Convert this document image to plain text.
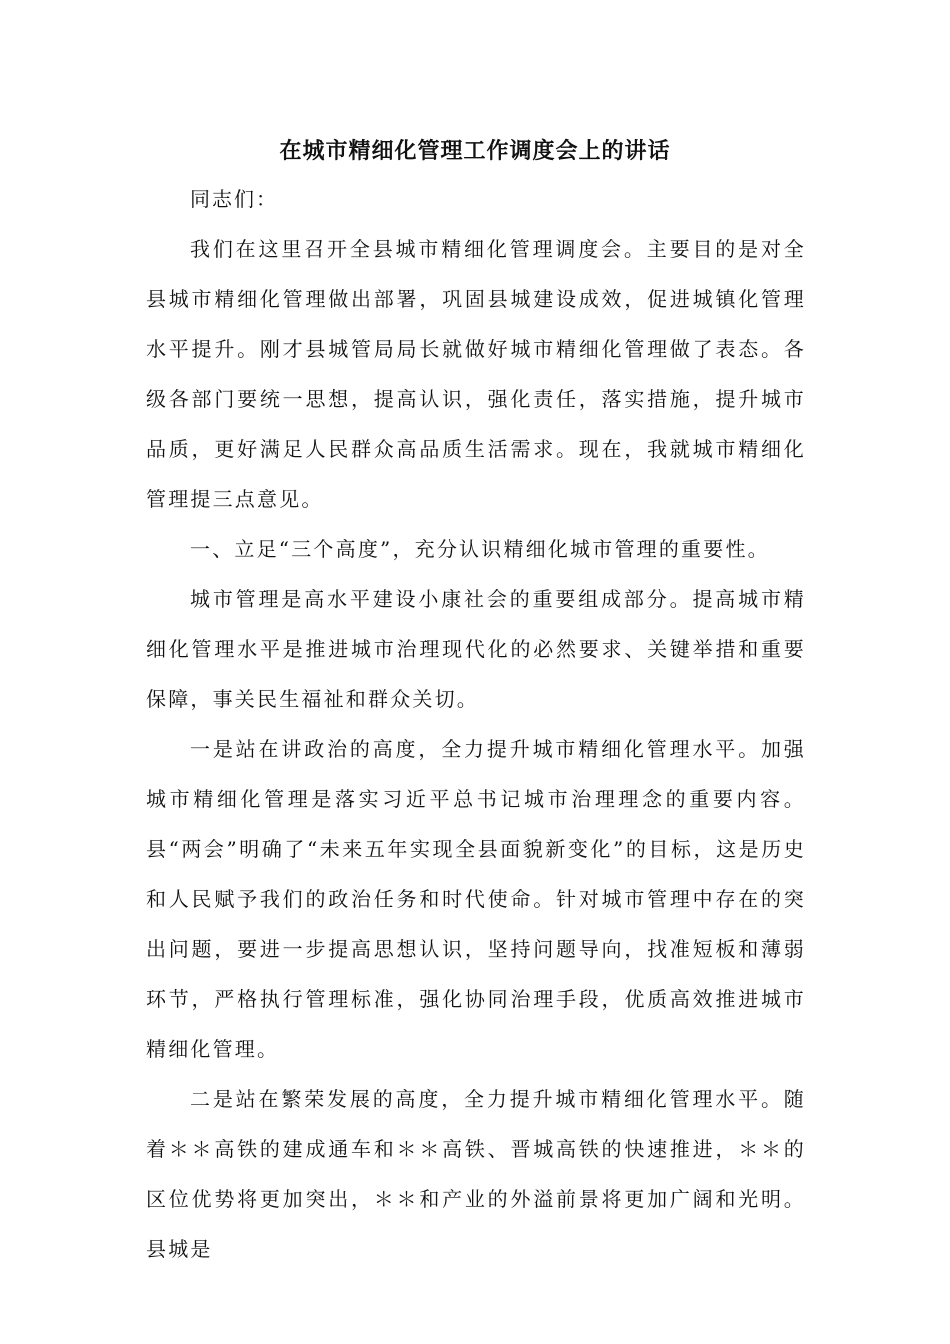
在城市精细化管理工作调度会上的讲话
同志们：

我们在这里召开全县城市精细化管理调度会。主要目的是对全县城市精细化管理做出部署，巩固县城建设成效，促进城镇化管理水平提升。刚才县城管局局长就做好城市精细化管理做了表态。各级各部门要统一思想，提高认识，强化责任，落实措施，提升城市品质，更好满足人民群众高品质生活需求。现在，我就城市精细化管理提三点意见。

一、立足“三个高度”，充分认识精细化城市管理的重要性。

城市管理是高水平建设小康社会的重要组成部分。提高城市精细化管理水平是推进城市治理现代化的必然要求、关键举措和重要保障，事关民生福祉和群众关切。

一是站在讲政治的高度，全力提升城市精细化管理水平。加强城市精细化管理是落实习近平总书记城市治理理念的重要内容。县“两会”明确了“未来五年实现全县面貌新变化”的目标，这是历史和人民赋予我们的政治任务和时代使命。针对城市管理中存在的突出问题，要进一步提高思想认识，坚持问题导向，找准短板和薄弱环节，严格执行管理标准，强化协同治理手段，优质高效推进城市精细化管理。

二是站在繁荣发展的高度，全力提升城市精细化管理水平。随着＊＊高铁的建成通车和＊＊高铁、晋城高铁的快速推进，＊＊的区位优势将更加突出，＊＊和产业的外溢前景将更加广阔和光明。县城是
